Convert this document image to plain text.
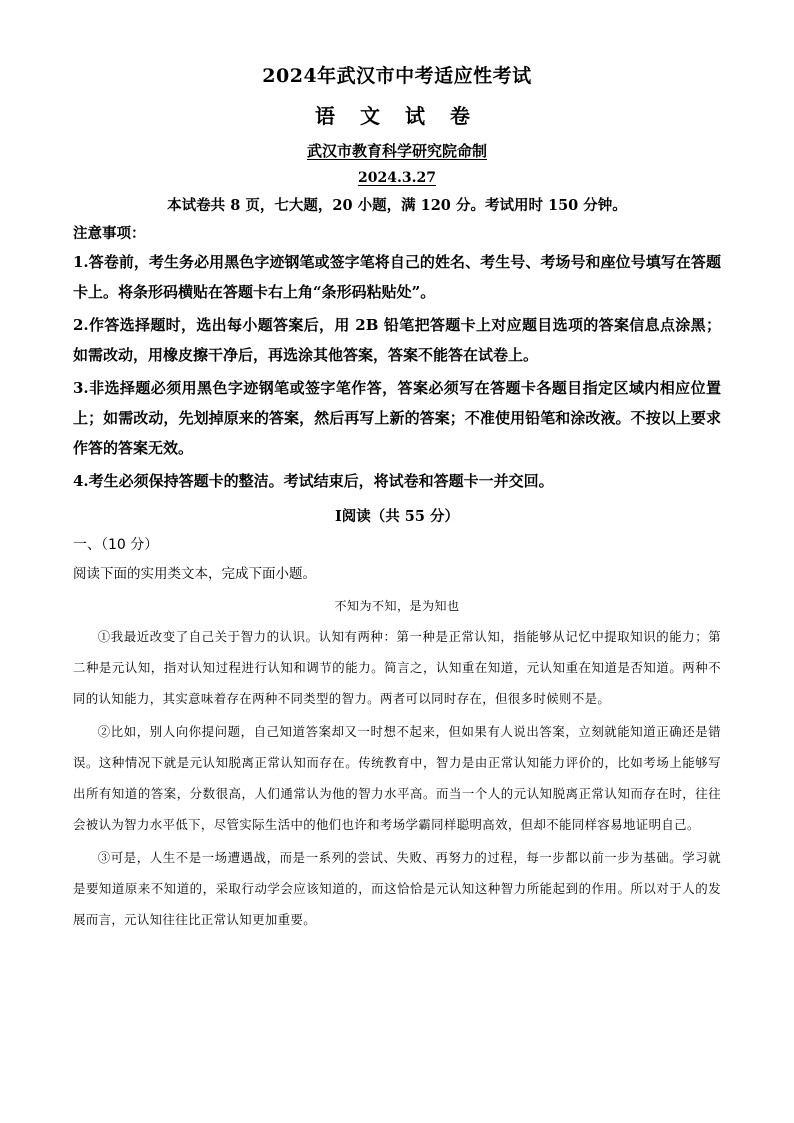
2024年武汉市中考适应性考试
语 文 试 卷
武汉市教育科学研究院命制
2024.3.27
本试卷共 8 页，七大题，20 小题，满 120 分。考试用时 150 分钟。
注意事项：

1.答卷前，考生务必用黑色字迹钢笔或签字笔将自己的姓名、考生号、考场号和座位号填写在答题卡上。将条形码横贴在答题卡右上角“条形码粘贴处”。

2.作答选择题时，选出每小题答案后，用 2B 铅笔把答题卡上对应题目选项的答案信息点涂黑；如需改动，用橡皮擦干净后，再选涂其他答案，答案不能答在试卷上。

3.非选择题必须用黑色字迹钢笔或签字笔作答，答案必须写在答题卡各题目指定区域内相应位置上；如需改动，先划掉原来的答案，然后再写上新的答案；不准使用铅笔和涂改液。不按以上要求作答的答案无效。

4.考生必须保持答题卡的整洁。考试结束后，将试卷和答题卡一并交回。

Ⅰ阅读（共 55 分）
一、（10 分）
阅读下面的实用类文本，完成下面小题。
不知为不知，是为知也

①我最近改变了自己关于智力的认识。认知有两种：第一种是正常认知，指能够从记忆中提取知识的能力；第二种是元认知，指对认知过程进行认知和调节的能力。简言之，认知重在知道，元认知重在知道是否知道。两种不同的认知能力，其实意味着存在两种不同类型的智力。两者可以同时存在，但很多时候则不是。

②比如，别人向你提问题，自己知道答案却又一时想不起来，但如果有人说出答案，立刻就能知道正确还是错误。这种情况下就是元认知脱离正常认知而存在。传统教育中，智力是由正常认知能力评价的，比如考场上能够写出所有知道的答案，分数很高，人们通常认为他的智力水平高。而当一个人的元认知脱离正常认知而存在时，往往会被认为智力水平低下，尽管实际生活中的他们也许和考场学霸同样聪明高效，但却不能同样容易地证明自己。

③可是，人生不是一场遭遇战，而是一系列的尝试、失败、再努力的过程，每一步都以前一步为基础。学习就是要知道原来不知道的，采取行动学会应该知道的，而这恰恰是元认知这种智力所能起到的作用。所以对于人的发展而言，元认知往往比正常认知更加重要。
